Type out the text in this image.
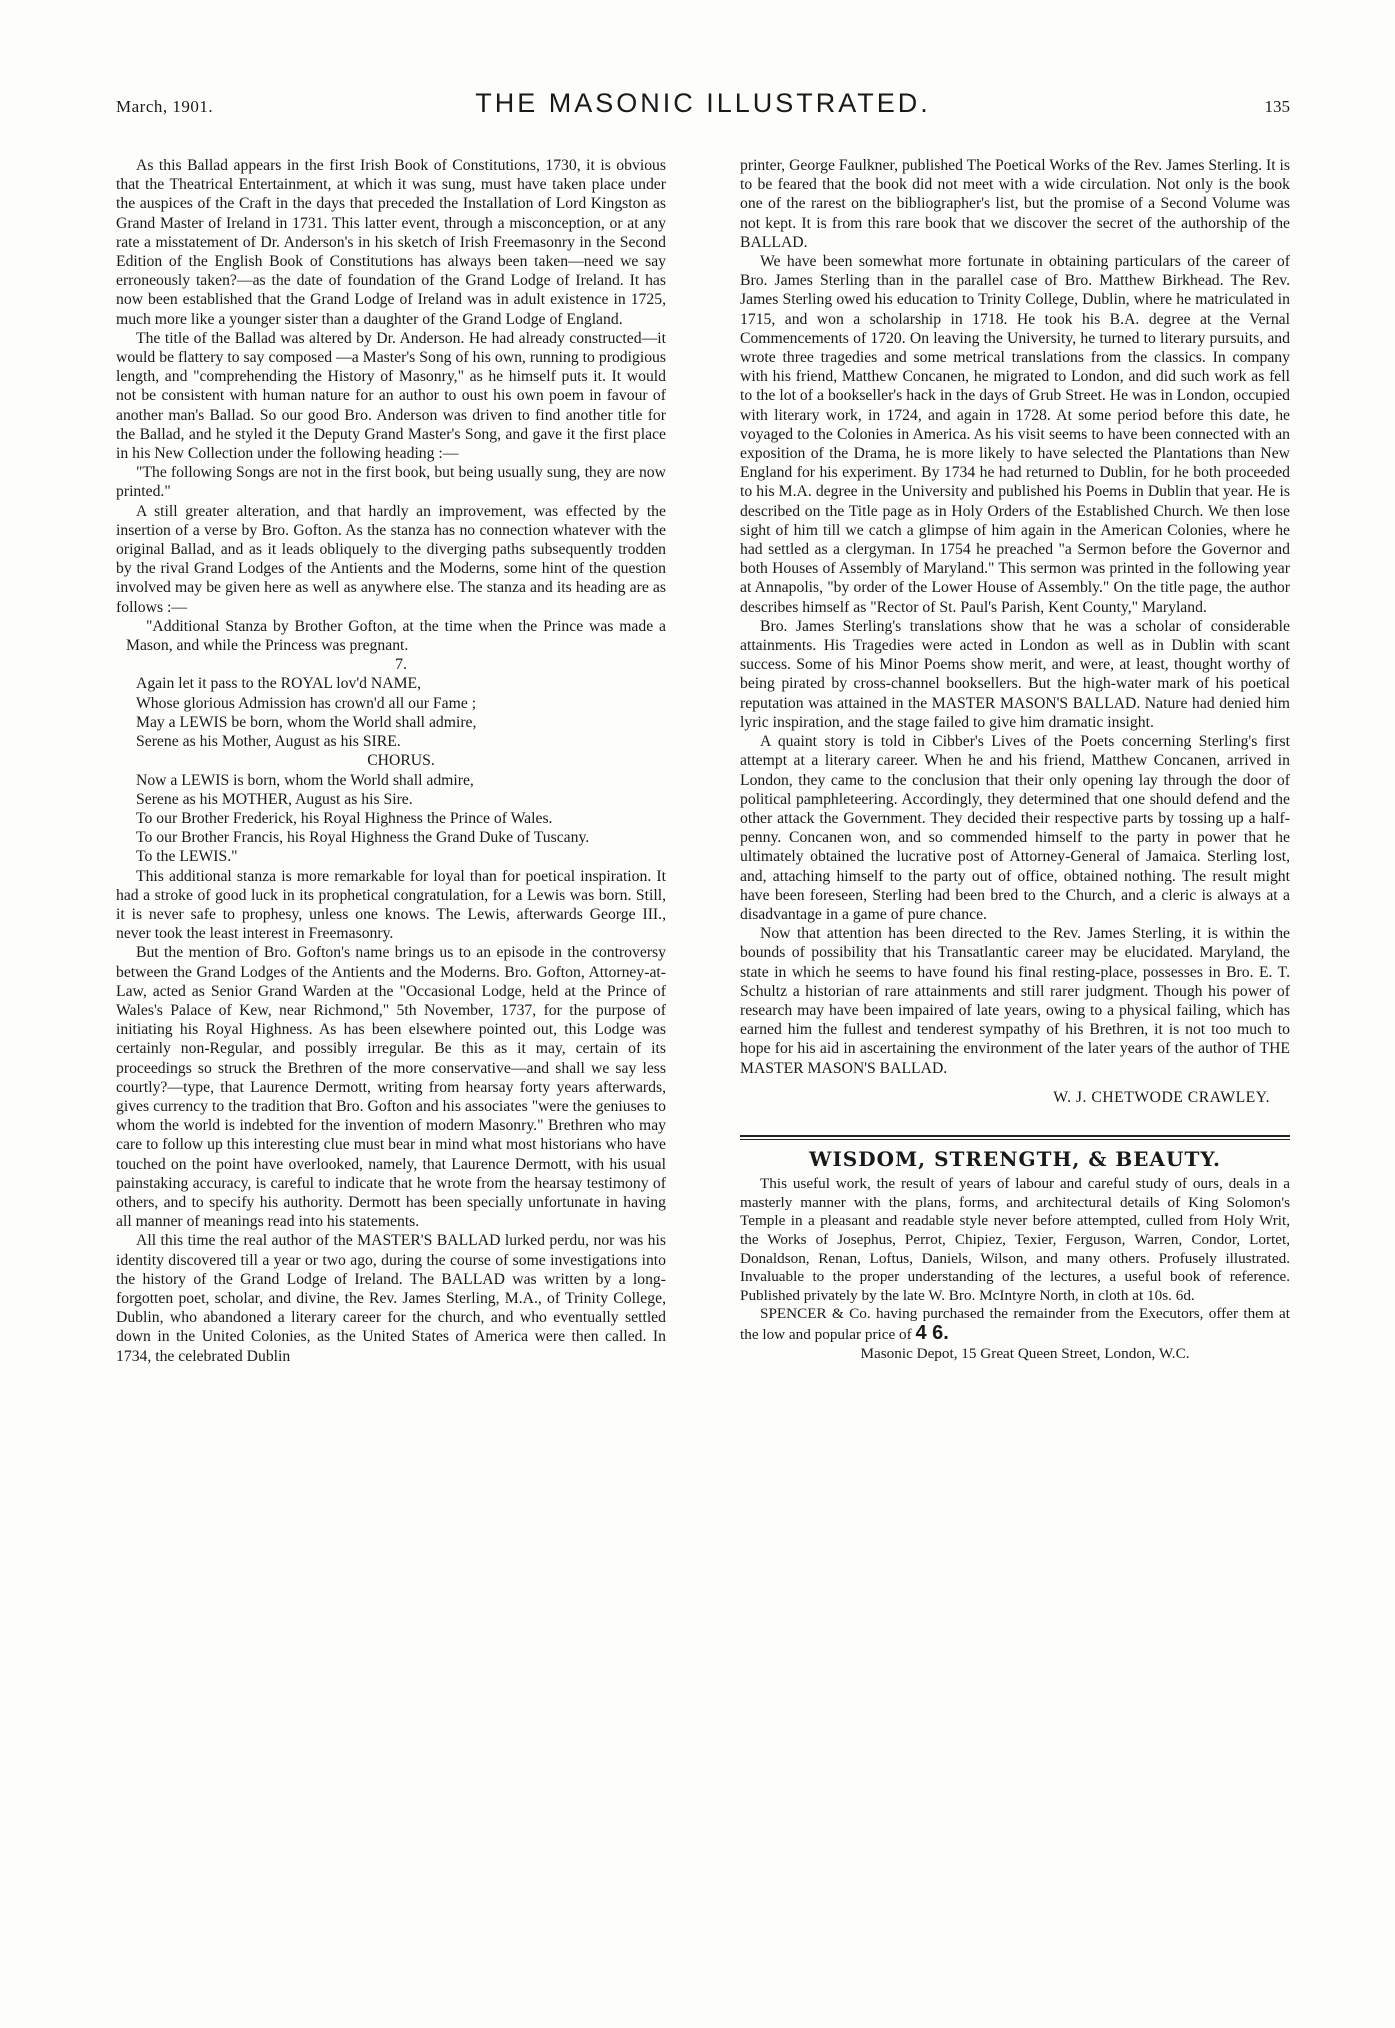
March, 1901.	THE MASONIC ILLUSTRATED.	135

As this Ballad appears in the first Irish Book of Constitutions, 1730, it is obvious that the Theatrical Entertainment, at which it was sung, must have taken place under the auspices of the Craft in the days that preceded the Installation of Lord Kingston as Grand Master of Ireland in 1731. This latter event, through a misconception, or at any rate a misstatement of Dr. Anderson's in his sketch of Irish Freemasonry in the Second Edition of the English Book of Constitutions has always been taken—need we say erroneously taken?—as the date of foundation of the Grand Lodge of Ireland. It has now been established that the Grand Lodge of Ireland was in adult existence in 1725, much more like a younger sister than a daughter of the Grand Lodge of England.

The title of the Ballad was altered by Dr. Anderson. He had already constructed—it would be flattery to say composed —a Master's Song of his own, running to prodigious length, and "comprehending the History of Masonry," as he himself puts it. It would not be consistent with human nature for an author to oust his own poem in favour of another man's Ballad. So our good Bro. Anderson was driven to find another title for the Ballad, and he styled it the Deputy Grand Master's Song, and gave it the first place in his New Collection under the following heading :—

"The following Songs are not in the first book, but being usually sung, they are now printed."

A still greater alteration, and that hardly an improvement, was effected by the insertion of a verse by Bro. Gofton. As the stanza has no connection whatever with the original Ballad, and as it leads obliquely to the diverging paths subsequently trodden by the rival Grand Lodges of the Antients and the Moderns, some hint of the question involved may be given here as well as anywhere else. The stanza and its heading are as follows :—

"Additional Stanza by Brother Gofton, at the time when the Prince was made a Mason, and while the Princess was pregnant.

7.
Again let it pass to the ROYAL lov'd NAME,
Whose glorious Admission has crown'd all our Fame ;
May a LEWIS be born, whom the World shall admire,
Serene as his Mother, August as his SIRE.
CHORUS.
Now a LEWIS is born, whom the World shall admire,
Serene as his MOTHER, August as his Sire.
To our Brother Frederick, his Royal Highness the Prince of Wales.
To our Brother Francis, his Royal Highness the Grand Duke of Tuscany.
To the LEWIS."

This additional stanza is more remarkable for loyal than for poetical inspiration. It had a stroke of good luck in its prophetical congratulation, for a Lewis was born. Still, it is never safe to prophesy, unless one knows. The Lewis, afterwards George III., never took the least interest in Freemasonry.

But the mention of Bro. Gofton's name brings us to an episode in the controversy between the Grand Lodges of the Antients and the Moderns. Bro. Gofton, Attorney-at-Law, acted as Senior Grand Warden at the "Occasional Lodge, held at the Prince of Wales's Palace of Kew, near Richmond," 5th November, 1737, for the purpose of initiating his Royal Highness. As has been elsewhere pointed out, this Lodge was certainly non-Regular, and possibly irregular. Be this as it may, certain of its proceedings so struck the Brethren of the more conservative—and shall we say less courtly?—type, that Laurence Dermott, writing from hearsay forty years afterwards, gives currency to the tradition that Bro. Gofton and his associates "were the geniuses to whom the world is indebted for the invention of modern Masonry." Brethren who may care to follow up this interesting clue must bear in mind what most historians who have touched on the point have overlooked, namely, that Laurence Dermott, with his usual painstaking accuracy, is careful to indicate that he wrote from the hearsay testimony of others, and to specify his authority. Dermott has been specially unfortunate in having all manner of meanings read into his statements.

All this time the real author of the MASTER'S BALLAD lurked perdu, nor was his identity discovered till a year or two ago, during the course of some investigations into the history of the Grand Lodge of Ireland. The BALLAD was written by a long-forgotten poet, scholar, and divine, the Rev. James Sterling, M.A., of Trinity College, Dublin, who abandoned a literary career for the church, and who eventually settled down in the United Colonies, as the United States of America were then called. In 1734, the celebrated Dublin

printer, George Faulkner, published The Poetical Works of the Rev. James Sterling. It is to be feared that the book did not meet with a wide circulation. Not only is the book one of the rarest on the bibliographer's list, but the promise of a Second Volume was not kept. It is from this rare book that we discover the secret of the authorship of the BALLAD.

We have been somewhat more fortunate in obtaining particulars of the career of Bro. James Sterling than in the parallel case of Bro. Matthew Birkhead. The Rev. James Sterling owed his education to Trinity College, Dublin, where he matriculated in 1715, and won a scholarship in 1718. He took his B.A. degree at the Vernal Commencements of 1720. On leaving the University, he turned to literary pursuits, and wrote three tragedies and some metrical translations from the classics. In company with his friend, Matthew Concanen, he migrated to London, and did such work as fell to the lot of a bookseller's hack in the days of Grub Street. He was in London, occupied with literary work, in 1724, and again in 1728. At some period before this date, he voyaged to the Colonies in America. As his visit seems to have been connected with an exposition of the Drama, he is more likely to have selected the Plantations than New England for his experiment. By 1734 he had returned to Dublin, for he both proceeded to his M.A. degree in the University and published his Poems in Dublin that year. He is described on the Title page as in Holy Orders of the Established Church. We then lose sight of him till we catch a glimpse of him again in the American Colonies, where he had settled as a clergyman. In 1754 he preached "a Sermon before the Governor and both Houses of Assembly of Maryland." This sermon was printed in the following year at Annapolis, "by order of the Lower House of Assembly." On the title page, the author describes himself as "Rector of St. Paul's Parish, Kent County," Maryland.

Bro. James Sterling's translations show that he was a scholar of considerable attainments. His Tragedies were acted in London as well as in Dublin with scant success. Some of his Minor Poems show merit, and were, at least, thought worthy of being pirated by cross-channel booksellers. But the high-water mark of his poetical reputation was attained in the MASTER MASON'S BALLAD. Nature had denied him lyric inspiration, and the stage failed to give him dramatic insight.

A quaint story is told in Cibber's Lives of the Poets concerning Sterling's first attempt at a literary career. When he and his friend, Matthew Concanen, arrived in London, they came to the conclusion that their only opening lay through the door of political pamphleteering. Accordingly, they determined that one should defend and the other attack the Government. They decided their respective parts by tossing up a half-penny. Concanen won, and so commended himself to the party in power that he ultimately obtained the lucrative post of Attorney-General of Jamaica. Sterling lost, and, attaching himself to the party out of office, obtained nothing. The result might have been foreseen, Sterling had been bred to the Church, and a cleric is always at a disadvantage in a game of pure chance.

Now that attention has been directed to the Rev. James Sterling, it is within the bounds of possibility that his Transatlantic career may be elucidated. Maryland, the state in which he seems to have found his final resting-place, possesses in Bro. E. T. Schultz a historian of rare attainments and still rarer judgment. Though his power of research may have been impaired of late years, owing to a physical failing, which has earned him the fullest and tenderest sympathy of his Brethren, it is not too much to hope for his aid in ascertaining the environment of the later years of the author of THE MASTER MASON'S BALLAD.

W. J. CHETWODE CRAWLEY.
WISDOM, STRENGTH, & BEAUTY.

This useful work, the result of years of labour and careful study of ours, deals in a masterly manner with the plans, forms, and architectural details of King Solomon's Temple in a pleasant and readable style never before attempted, culled from Holy Writ, the Works of Josephus, Perrot, Chipiez, Texier, Ferguson, Warren, Condor, Lortet, Donaldson, Renan, Loftus, Daniels, Wilson, and many others. Profusely illustrated. Invaluable to the proper understanding of the lectures, a useful book of reference. Published privately by the late W. Bro. McIntyre North, in cloth at 10s. 6d.

SPENCER & Co. having purchased the remainder from the Executors, offer them at the low and popular price of 4 6.

Masonic Depot, 15 Great Queen Street, London, W.C.
